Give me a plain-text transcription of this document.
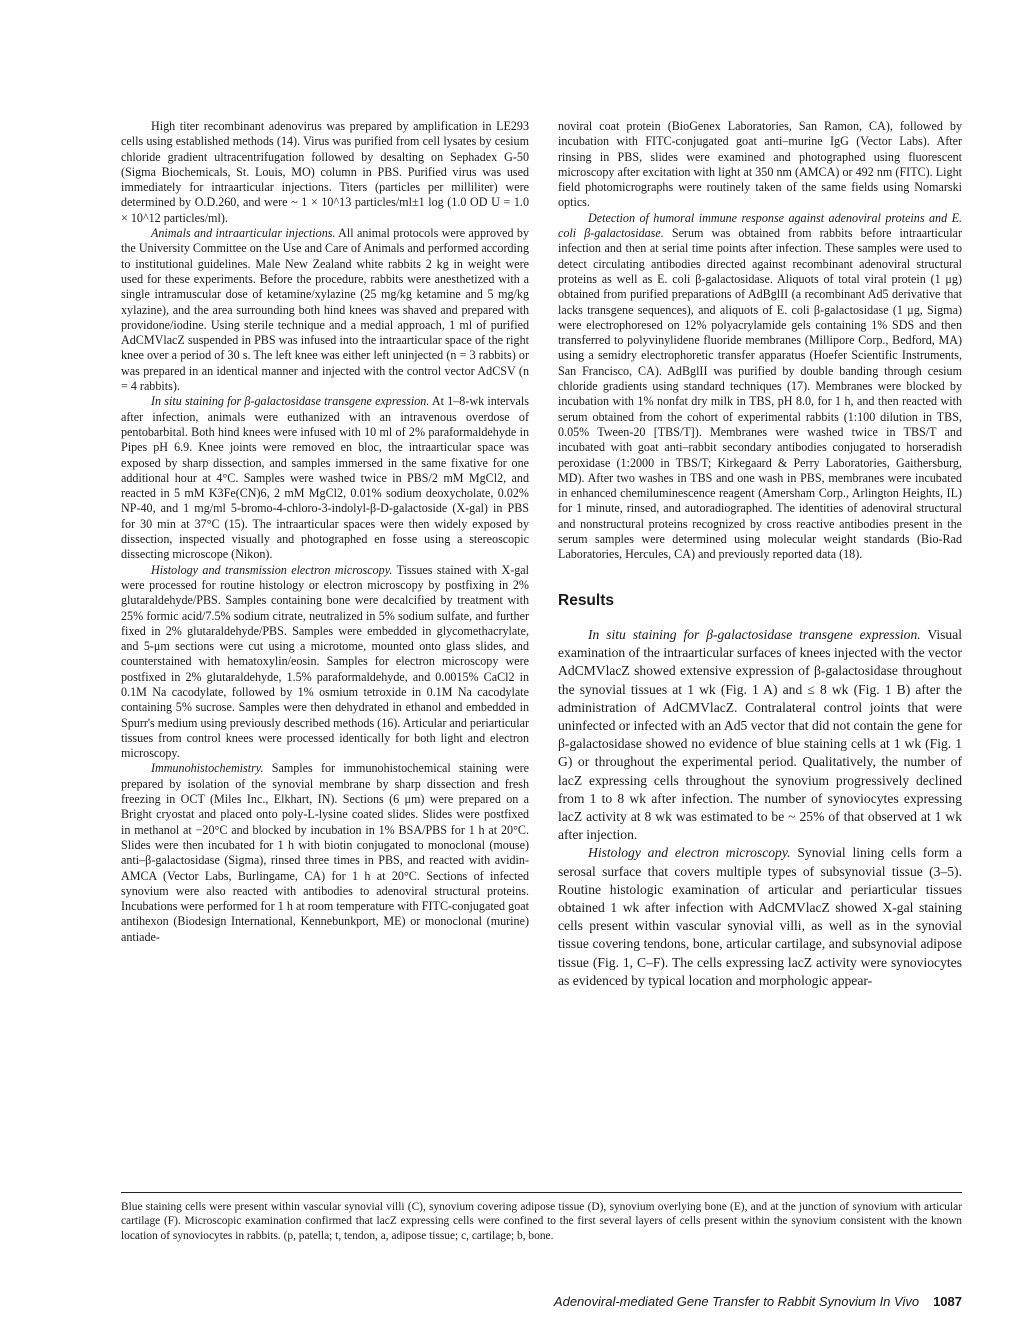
High titer recombinant adenovirus was prepared by amplification in LE293 cells using established methods (14). Virus was purified from cell lysates by cesium chloride gradient ultracentrifugation followed by desalting on Sephadex G-50 (Sigma Biochemicals, St. Louis, MO) column in PBS. Purified virus was used immediately for intraarticular injections. Titers (particles per milliliter) were determined by O.D.260, and were ~ 1 × 10^13 particles/ml±1 log (1.0 OD U = 1.0 × 10^12 particles/ml).

Animals and intraarticular injections. All animal protocols were approved by the University Committee on the Use and Care of Animals and performed according to institutional guidelines. Male New Zealand white rabbits 2 kg in weight were used for these experiments. Before the procedure, rabbits were anesthetized with a single intramuscular dose of ketamine/xylazine (25 mg/kg ketamine and 5 mg/kg xylazine), and the area surrounding both hind knees was shaved and prepared with providone/iodine. Using sterile technique and a medial approach, 1 ml of purified AdCMVlacZ suspended in PBS was infused into the intraarticular space of the right knee over a period of 30 s. The left knee was either left uninjected (n = 3 rabbits) or was prepared in an identical manner and injected with the control vector AdCSV (n = 4 rabbits).

In situ staining for β-galactosidase transgene expression. At 1–8-wk intervals after infection, animals were euthanized with an intravenous overdose of pentobarbital. Both hind knees were infused with 10 ml of 2% paraformaldehyde in Pipes pH 6.9. Knee joints were removed en bloc, the intraarticular space was exposed by sharp dissection, and samples immersed in the same fixative for one additional hour at 4°C. Samples were washed twice in PBS/2 mM MgCl2, and reacted in 5 mM K3Fe(CN)6, 2 mM MgCl2, 0.01% sodium deoxycholate, 0.02% NP-40, and 1 mg/ml 5-bromo-4-chloro-3-indolyl-β-D-galactoside (X-gal) in PBS for 30 min at 37°C (15). The intraarticular spaces were then widely exposed by dissection, inspected visually and photographed en fosse using a stereoscopic dissecting microscope (Nikon).

Histology and transmission electron microscopy. Tissues stained with X-gal were processed for routine histology or electron microscopy by postfixing in 2% glutaraldehyde/PBS. Samples containing bone were decalcified by treatment with 25% formic acid/7.5% sodium citrate, neutralized in 5% sodium sulfate, and further fixed in 2% glutaraldehyde/PBS. Samples were embedded in glycomethacrylate, and 5-μm sections were cut using a microtome, mounted onto glass slides, and counterstained with hematoxylin/eosin. Samples for electron microscopy were postfixed in 2% glutaraldehyde, 1.5% paraformaldehyde, and 0.0015% CaCl2 in 0.1M Na cacodylate, followed by 1% osmium tetroxide in 0.1M Na cacodylate containing 5% sucrose. Samples were then dehydrated in ethanol and embedded in Spurr's medium using previously described methods (16). Articular and periarticular tissues from control knees were processed identically for both light and electron microscopy.

Immunohistochemistry. Samples for immunohistochemical staining were prepared by isolation of the synovial membrane by sharp dissection and fresh freezing in OCT (Miles Inc., Elkhart, IN). Sections (6 μm) were prepared on a Bright cryostat and placed onto poly-L-lysine coated slides. Slides were postfixed in methanol at −20°C and blocked by incubation in 1% BSA/PBS for 1 h at 20°C. Slides were then incubated for 1 h with biotin conjugated to monoclonal (mouse) anti–β-galactosidase (Sigma), rinsed three times in PBS, and reacted with avidin-AMCA (Vector Labs, Burlingame, CA) for 1 h at 20°C. Sections of infected synovium were also reacted with antibodies to adenoviral structural proteins. Incubations were performed for 1 h at room temperature with FITC-conjugated goat antihexon (Biodesign International, Kennebunkport, ME) or monoclonal (murine) antiade-

noviral coat protein (BioGenex Laboratories, San Ramon, CA), followed by incubation with FITC-conjugated goat anti–murine IgG (Vector Labs). After rinsing in PBS, slides were examined and photographed using fluorescent microscopy after excitation with light at 350 nm (AMCA) or 492 nm (FITC). Light field photomicrographs were routinely taken of the same fields using Nomarski optics.

Detection of humoral immune response against adenoviral proteins and E. coli β-galactosidase. Serum was obtained from rabbits before intraarticular infection and then at serial time points after infection. These samples were used to detect circulating antibodies directed against recombinant adenoviral structural proteins as well as E. coli β-galactosidase. Aliquots of total viral protein (1 μg) obtained from purified preparations of AdBglII (a recombinant Ad5 derivative that lacks transgene sequences), and aliquots of E. coli β-galactosidase (1 μg, Sigma) were electrophoresed on 12% polyacrylamide gels containing 1% SDS and then transferred to polyvinylidene fluoride membranes (Millipore Corp., Bedford, MA) using a semidry electrophoretic transfer apparatus (Hoefer Scientific Instruments, San Francisco, CA). AdBglII was purified by double banding through cesium chloride gradients using standard techniques (17). Membranes were blocked by incubation with 1% nonfat dry milk in TBS, pH 8.0, for 1 h, and then reacted with serum obtained from the cohort of experimental rabbits (1:100 dilution in TBS, 0.05% Tween-20 [TBS/T]). Membranes were washed twice in TBS/T and incubated with goat anti–rabbit secondary antibodies conjugated to horseradish peroxidase (1:2000 in TBS/T; Kirkegaard & Perry Laboratories, Gaithersburg, MD). After two washes in TBS and one wash in PBS, membranes were incubated in enhanced chemiluminescence reagent (Amersham Corp., Arlington Heights, IL) for 1 minute, rinsed, and autoradiographed. The identities of adenoviral structural and nonstructural proteins recognized by cross reactive antibodies present in the serum samples were determined using molecular weight standards (Bio-Rad Laboratories, Hercules, CA) and previously reported data (18).

Results

In situ staining for β-galactosidase transgene expression. Visual examination of the intraarticular surfaces of knees injected with the vector AdCMVlacZ showed extensive expression of β-galactosidase throughout the synovial tissues at 1 wk (Fig. 1 A) and ≤ 8 wk (Fig. 1 B) after the administration of AdCMVlacZ. Contralateral control joints that were uninfected or infected with an Ad5 vector that did not contain the gene for β-galactosidase showed no evidence of blue staining cells at 1 wk (Fig. 1 G) or throughout the experimental period. Qualitatively, the number of lacZ expressing cells throughout the synovium progressively declined from 1 to 8 wk after infection. The number of synoviocytes expressing lacZ activity at 8 wk was estimated to be ~ 25% of that observed at 1 wk after injection.

Histology and electron microscopy. Synovial lining cells form a serosal surface that covers multiple types of subsynovial tissue (3–5). Routine histologic examination of articular and periarticular tissues obtained 1 wk after infection with AdCMVlacZ showed X-gal staining cells present within vascular synovial villi, as well as in the synovial tissue covering tendons, bone, articular cartilage, and subsynovial adipose tissue (Fig. 1, C–F). The cells expressing lacZ activity were synoviocytes as evidenced by typical location and morphologic appear-

Blue staining cells were present within vascular synovial villi (C), synovium covering adipose tissue (D), synovium overlying bone (E), and at the junction of synovium with articular cartilage (F). Microscopic examination confirmed that lacZ expressing cells were confined to the first several layers of cells present within the synovium consistent with the known location of synoviocytes in rabbits. (p, patella; t, tendon, a, adipose tissue; c, cartilage; b, bone.
Adenoviral-mediated Gene Transfer to Rabbit Synovium In Vivo 1087
